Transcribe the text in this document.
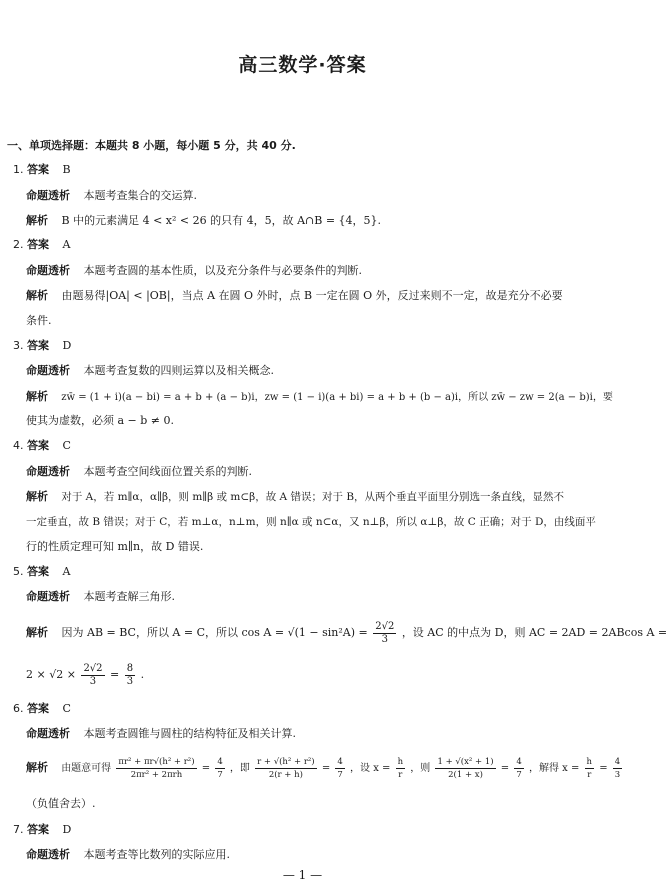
高三数学·答案
一、单项选择题：本题共 8 小题，每小题 5 分，共 40 分.
1. 答案 B
命题透析 本题考查集合的交运算.
解析 B 中的元素满足 4 < x² < 26 的只有 4，5，故 A∩B = {4，5}.
2. 答案 A
命题透析 本题考查圆的基本性质，以及充分条件与必要条件的判断.
解析 由题易得|OA| < |OB|，当点 A 在圆 O 外时，点 B 一定在圆 O 外，反过来则不一定，故是充分不必要
条件.
3. 答案 D
命题透析 本题考查复数的四则运算以及相关概念.
解析 zw̄ = (1 + i)(a − bi) = a + b + (a − b)i，zw = (1 − i)(a + bi) = a + b + (b − a)i，所以 zw̄ − zw = 2(a − b)i，要
使其为虚数，必须 a − b ≠ 0.
4. 答案 C
命题透析 本题考查空间线面位置关系的判断.
解析 对于 A，若 m∥α，α∥β，则 m∥β 或 m⊂β，故 A 错误；对于 B，从两个垂直平面里分别选一条直线，显然不
一定垂直，故 B 错误；对于 C，若 m⊥α，n⊥m，则 n∥α 或 n⊂α，又 n⊥β，所以 α⊥β，故 C 正确；对于 D，由线面平
行的性质定理可知 m∥n，故 D 错误.
5. 答案 A
命题透析 本题考查解三角形.
解析 因为 AB = BC，所以 A = C，所以 $\cos A = √(1 - \sin^2A) = \frac{2√2}{3}$ ，设 AC 的中点为 D，则 AC = 2AD = 2ABcos A =
$2 \times √2 \times \frac{2√2}{3} = \frac{8}{3}$ .
6. 答案 C
命题透析 本题考查圆锥与圆柱的结构特征及相关计算.
解析 由题意可得 $\frac{\text{πr² + πr√(h² + r²)}}{\text{2πr² + 2πrh}} = \frac{4}{7}$ ，即 $\frac{\text{r + √(h² + r²)}}{2(r + h)} = \frac{4}{7}$ ，设 $x = \frac{h}{r}$ ，则 $\frac{\text{1 + √(x² + 1)}}{2(1 + x)} = \frac{4}{7}$ ，解得 $x = \frac{h}{r} = \frac{4}{3}$
（负值舍去）.
7. 答案 D
命题透析 本题考查等比数列的实际应用.
— 1 —
